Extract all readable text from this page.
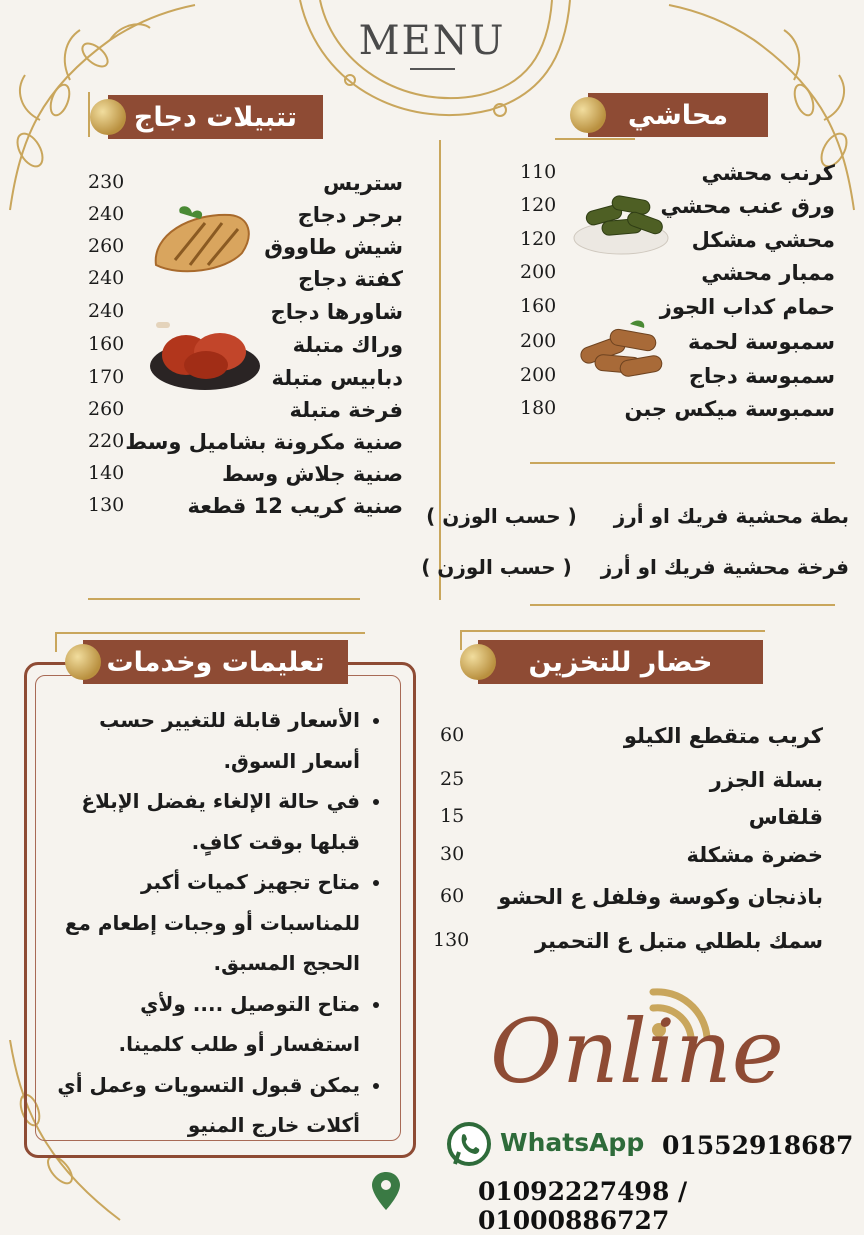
MENU
تتبيلات دجاج	محاشي
ستريس
230
برجر دجاج
240
شيش طاووق
260
كفتة دجاج
240
شاورها دجاج
240
وراك متبلة
160
دبابيس متبلة
170
فرخة متبلة
260
صنية مكرونة بشاميل وسط
220
صنية جلاش وسط
140
صنية كريب 12 قطعة
130
كرنب محشي
110
ورق عنب محشي
120
محشي مشكل
120
ممبار محشي
200
حمام كداب الجوز
160
سمبوسة لحمة
200
سمبوسة دجاج
200
سمبوسة ميكس جبن
180
بطة محشية فريك او أرز ( حسب الوزن )
فرخة محشية فريك او أرز ( حسب الوزن )
تعليمات وخدمات
• الأسعار قابلة للتغيير حسب أسعار السوق.
• في حالة الإلغاء يفضل الإبلاغ قبلها بوقت كافٍ.
• متاح تجهيز كميات أكبر للمناسبات أو وجبات إطعام مع الحجج المسبق.
• متاح التوصيل .... ولأي استفسار أو طلب كلمينا.
• يمكن قبول التسويات وعمل أي أكلات خارج المنيو
خضار للتخزين
كريب متقطع الكيلو
60
بسلة الجزر
25
قلقاس
15
خضرة مشكلة
30
باذنجان وكوسة وفلفل ع الحشو
60
سمك بلطلي متبل ع التحمير
130
Online
WhatsApp 01552918687
01092227498 / 01000886727
